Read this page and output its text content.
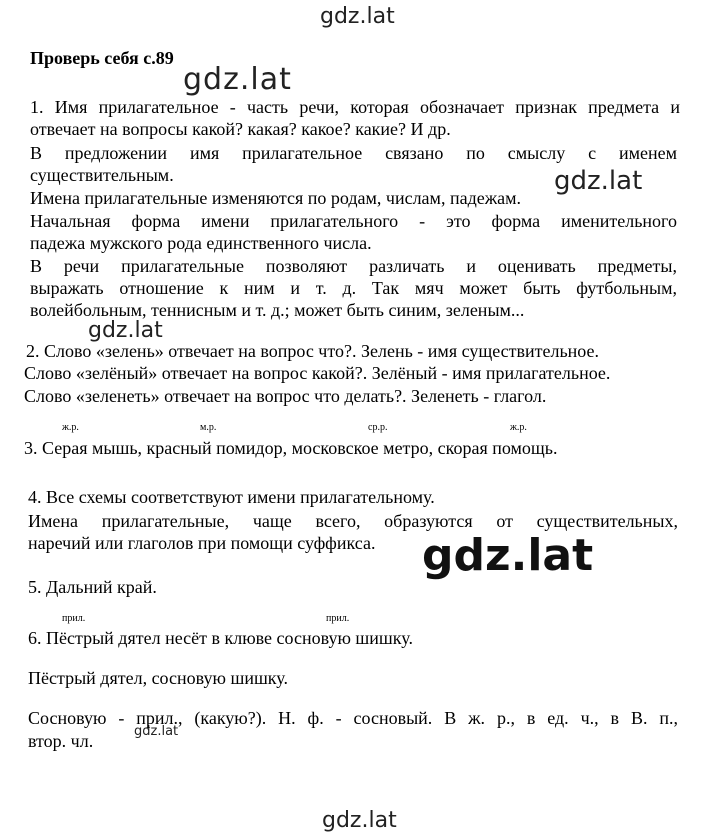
gdz.lat
gdz.lat
gdz.lat
gdz.lat
gdz.lat
gdz.lat
gdz.lat
Проверь себя с.89
1. Имя прилагательное - часть речи, которая обозначает признак предмета и
отвечает на вопросы какой? какая? какое? какие? И др.
В предложении имя прилагательное связано по смыслу с именем
существительным.
Имена прилагательные изменяются по родам, числам, падежам.
Начальная форма имени прилагательного - это форма именительного
падежа мужского рода единственного числа.
В речи прилагательные позволяют различать и оценивать предметы,
выражать отношение к ним и т. д. Так мяч может быть футбольным,
волейбольным, теннисным и т. д.; может быть синим, зеленым...
2. Слово «зелень» отвечает на вопрос что?. Зелень - имя существительное.
Слово «зелёный» отвечает на вопрос какой?. Зелёный - имя прилагательное.
Слово «зеленеть» отвечает на вопрос что делать?. Зеленеть - глагол.
ж.р.	м.р.	ср.р.	ж.р.
3. Серая мышь, красный помидор, московское метро, скорая помощь.
4. Все схемы соответствуют имени прилагательному.
Имена прилагательные, чаще всего, образуются от существительных,
наречий или глаголов при помощи суффикса.
5. Дальний край.
прил.	прил.
6. Пёстрый дятел несёт в клюве сосновую шишку.
Пёстрый дятел, сосновую шишку.
Сосновую - прил., (какую?). Н. ф. - сосновый. В ж. р., в ед. ч., в В. п.,
втор. чл.
